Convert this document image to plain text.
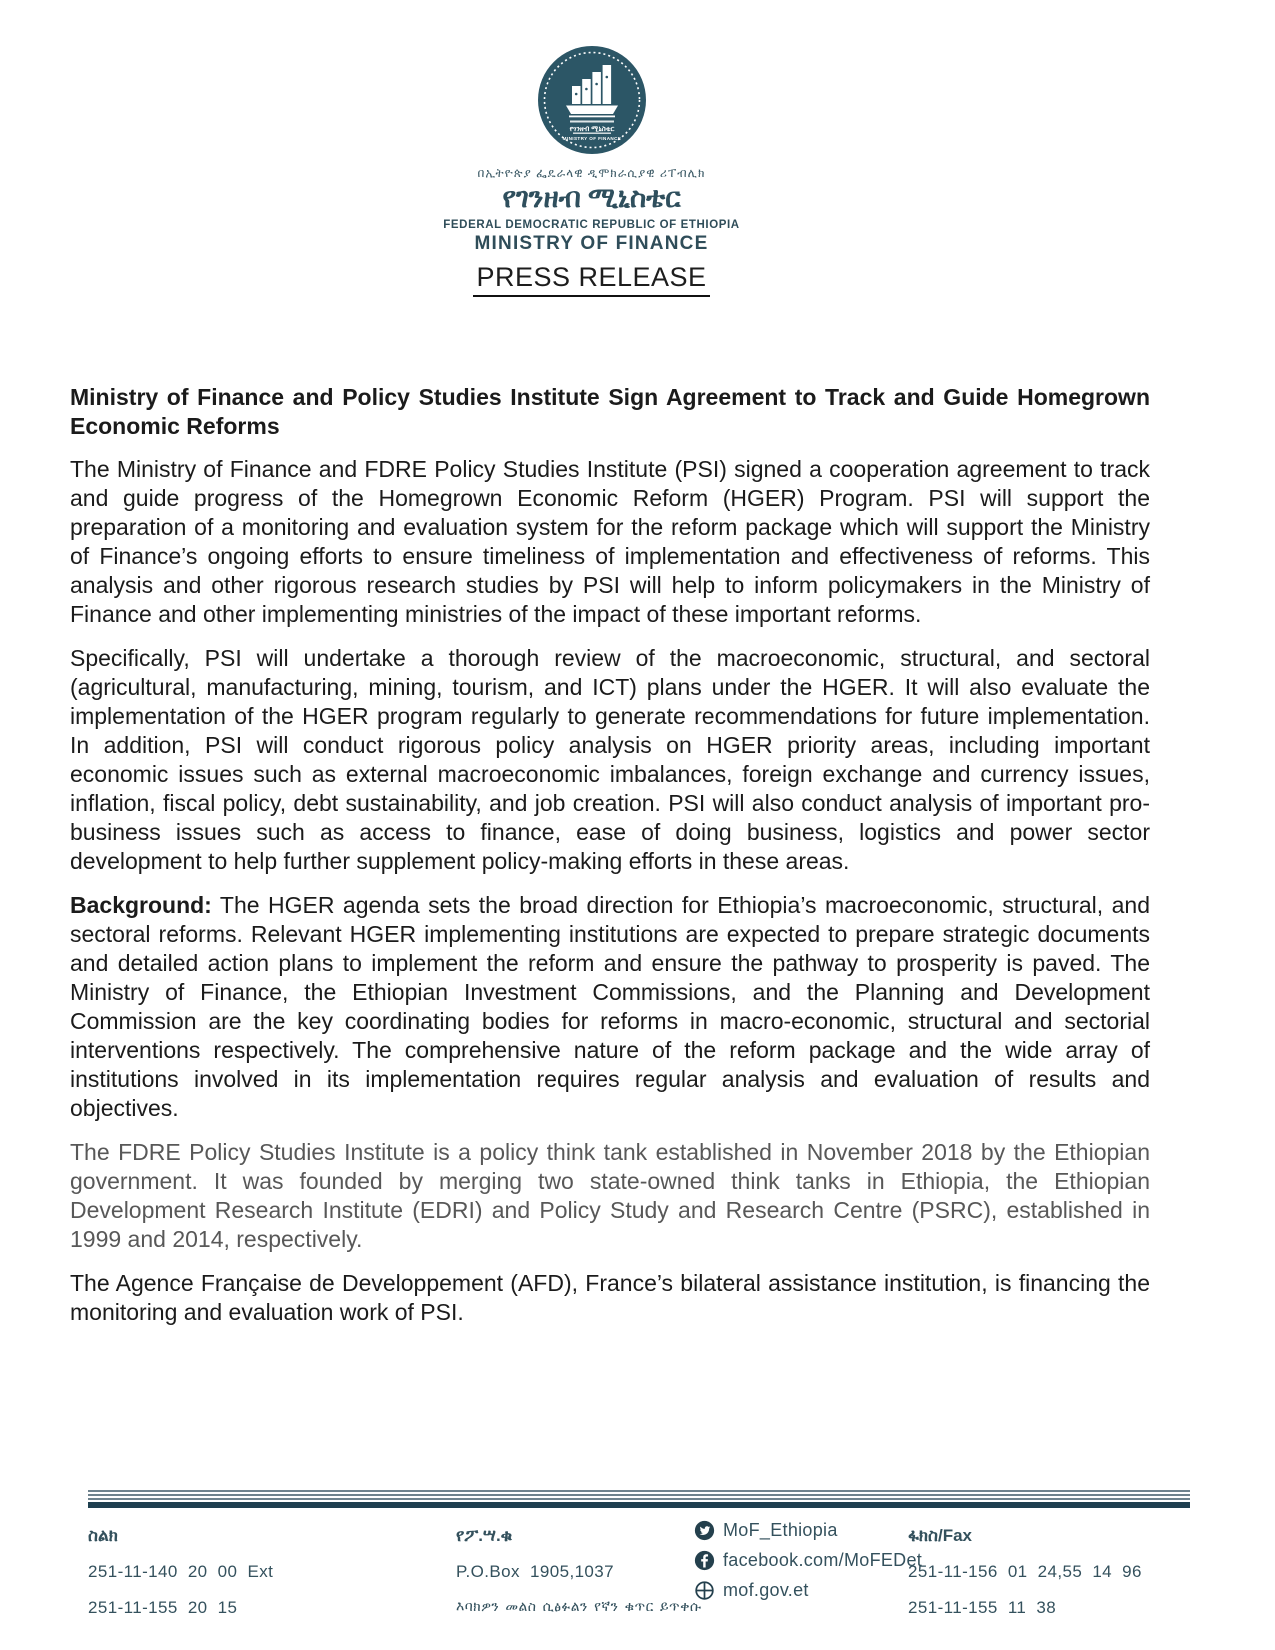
የገንዘብ ሚኒስቴር
MINISTRY OF FINANCE
በኢትዮጵያ ፌዴራላዊ ዲሞክራሲያዊ ሪፐብሊክ
የገንዘብ ሚኒስቴር
FEDERAL DEMOCRATIC REPUBLIC OF ETHIOPIA
MINISTRY OF FINANCE
PRESS RELEASE
Ministry of Finance and Policy Studies Institute Sign Agreement to Track and Guide Homegrown Economic Reforms

The Ministry of Finance and FDRE Policy Studies Institute (PSI) signed a cooperation agreement to track and guide progress of the Homegrown Economic Reform (HGER) Program. PSI will support the preparation of a monitoring and evaluation system for the reform package which will support the Ministry of Finance’s ongoing efforts to ensure timeliness of implementation and effectiveness of reforms. This analysis and other rigorous research studies by PSI will help to inform policymakers in the Ministry of Finance and other implementing ministries of the impact of these important reforms.

Specifically, PSI will undertake a thorough review of the macroeconomic, structural, and sectoral (agricultural, manufacturing, mining, tourism, and ICT) plans under the HGER. It will also evaluate the implementation of the HGER program regularly to generate recommendations for future implementation. In addition, PSI will conduct rigorous policy analysis on HGER priority areas, including important economic issues such as external macroeconomic imbalances, foreign exchange and currency issues, inflation, fiscal policy, debt sustainability, and job creation. PSI will also conduct analysis of important pro-business issues such as access to finance, ease of doing business, logistics and power sector development to help further supplement policy-making efforts in these areas.

Background: The HGER agenda sets the broad direction for Ethiopia’s macroeconomic, structural, and sectoral reforms. Relevant HGER implementing institutions are expected to prepare strategic documents and detailed action plans to implement the reform and ensure the pathway to prosperity is paved. The Ministry of Finance, the Ethiopian Investment Commissions, and the Planning and Development Commission are the key coordinating bodies for reforms in macro-economic, structural and sectorial interventions respectively. The comprehensive nature of the reform package and the wide array of institutions involved in its implementation requires regular analysis and evaluation of results and objectives.

The FDRE Policy Studies Institute is a policy think tank established in November 2018 by the Ethiopian government. It was founded by merging two state-owned think tanks in Ethiopia, the Ethiopian Development Research Institute (EDRI) and Policy Study and Research Centre (PSRC), established in 1999 and 2014, respectively.

The Agence Française de Developpement (AFD), France’s bilateral assistance institution, is financing the monitoring and evaluation work of PSI.

ስልክ
251-11-140 20 00 Ext
251-11-155 20 15
የፖ.ሣ.ቁ
P.O.Box 1905,1037
እባክዎን መልስ ሲፅፉልን የኛን ቁጥር ይጥቀሱ
MoF_Ethiopia
facebook.com/MoFEDet
mof.gov.et
ፋክስ/Fax
251-11-156 01 24,55 14 96
251-11-155 11 38
